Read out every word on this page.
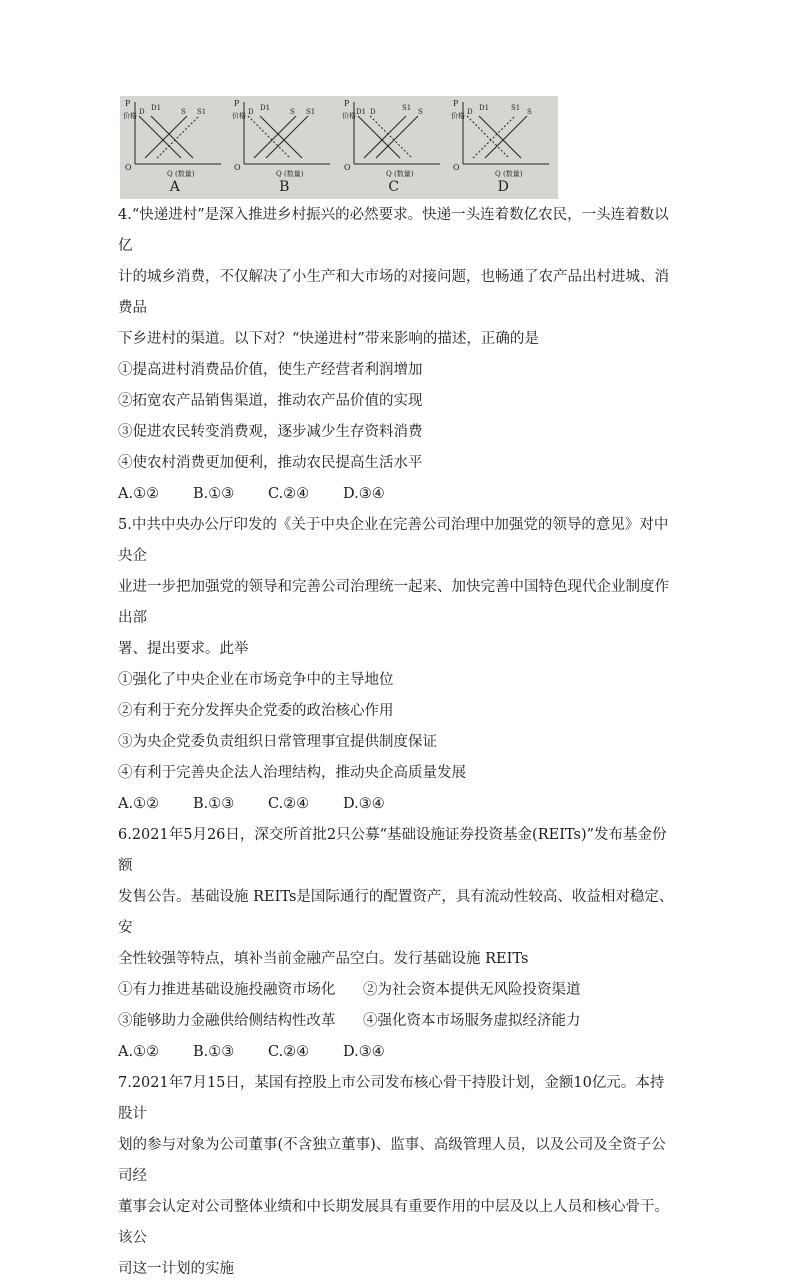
P
价格 D D1	S S1
O
Q (数量)
A
P
价格 D D1	S S1
O
Q (数量)
B
P
价格 D1 D	S1 S
O
Q (数量)
C
P
价格 D D1	S1 S
O
Q (数量)
D

4.“快递进村”是深入推进乡村振兴的必然要求。快递一头连着数亿农民，一头连着数以亿

计的城乡消费，不仅解决了小生产和大市场的对接问题，也畅通了农产品出村进城、消费品

下乡进村的渠道。以下对？“快递进村”带来影响的描述，正确的是

①提高进村消费品价值，使生产经营者利润增加

②拓宽农产品销售渠道，推动农产品价值的实现

③促进农民转变消费观，逐步减少生存资料消费

④使农村消费更加便利，推动农民提高生活水平

A.①②	B.①③	C.②④	D.③④

5.中共中央办公厅印发的《关于中央企业在完善公司治理中加强党的领导的意见》对中央企

业进一步把加强党的领导和完善公司治理统一起来、加快完善中国特色现代企业制度作出部

署、提出要求。此举

①强化了中央企业在市场竞争中的主导地位

②有利于充分发挥央企党委的政治核心作用

③为央企党委负责组织日常管理事宜提供制度保证

④有利于完善央企法人治理结构，推动央企高质量发展

A.①②	B.①③	C.②④	D.③④

6.2021年5月26日，深交所首批2只公募“基础设施证券投资基金(REITs)”发布基金份额

发售公告。基础设施 REITs是国际通行的配置资产，具有流动性较高、收益相对稳定、安

全性较强等特点，填补当前金融产品空白。发行基础设施 REITs

①有力推进基础设施投融资市场化	②为社会资本提供无风险投资渠道
③能够助力金融供给侧结构性改革	④强化资本市场服务虚拟经济能力
A.①②	B.①③	C.②④	D.③④

7.2021年7月15日，某国有控股上市公司发布核心骨干持股计划，金额10亿元。本持股计

划的参与对象为公司董事(不含独立董事)、监事、高级管理人员，以及公司及全资子公司经

董事会认定对公司整体业绩和中长期发展具有重要作用的中层及以上人员和核心骨干。该公

司这一计划的实施
